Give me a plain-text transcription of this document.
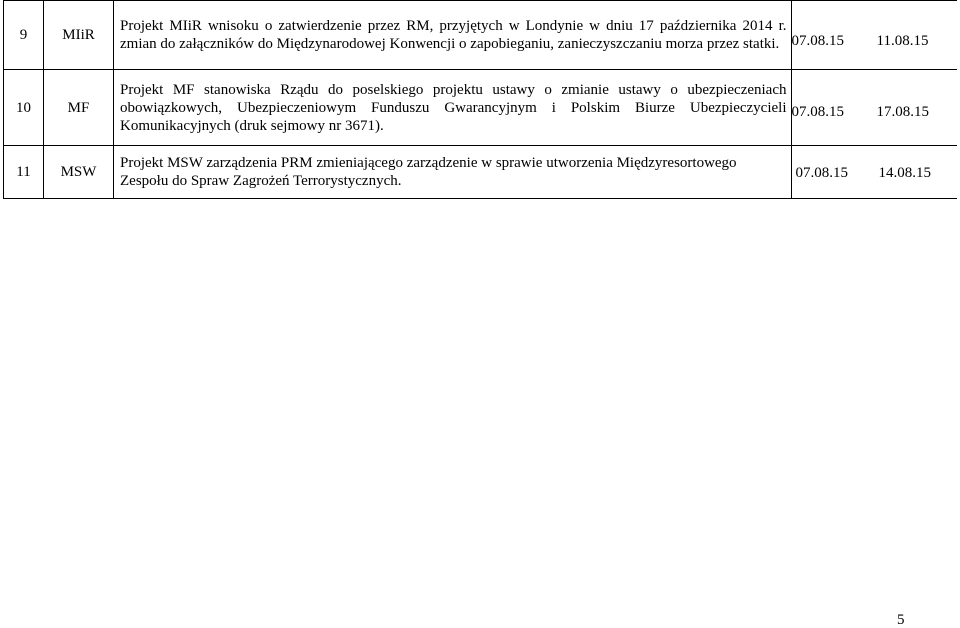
9	MIiR	Projekt MIiR wnisoku o zatwierdzenie przez RM, przyjętych w Londynie w dniu 17 października 2014 r. zmian do załączników do Międzynarodowej Konwencji o zapobieganiu, zanieczyszczaniu morza przez statki.	07.08.15 11.08.15

10	MF	Projekt MF stanowiska Rządu do poselskiego projektu ustawy o zmianie ustawy o ubezpieczeniach obowiązkowych, Ubezpieczeniowym Funduszu Gwarancyjnym i Polskim Biurze Ubezpieczycieli Komunikacyjnych (druk sejmowy nr 3671).	07.08.15 17.08.15

11	MSW	Projekt MSW zarządzenia PRM zmieniającego zarządzenie w sprawie utworzenia Międzyresortowego Zespołu do Spraw Zagrożeń Terrorystycznych.	07.08.15 14.08.15
5
